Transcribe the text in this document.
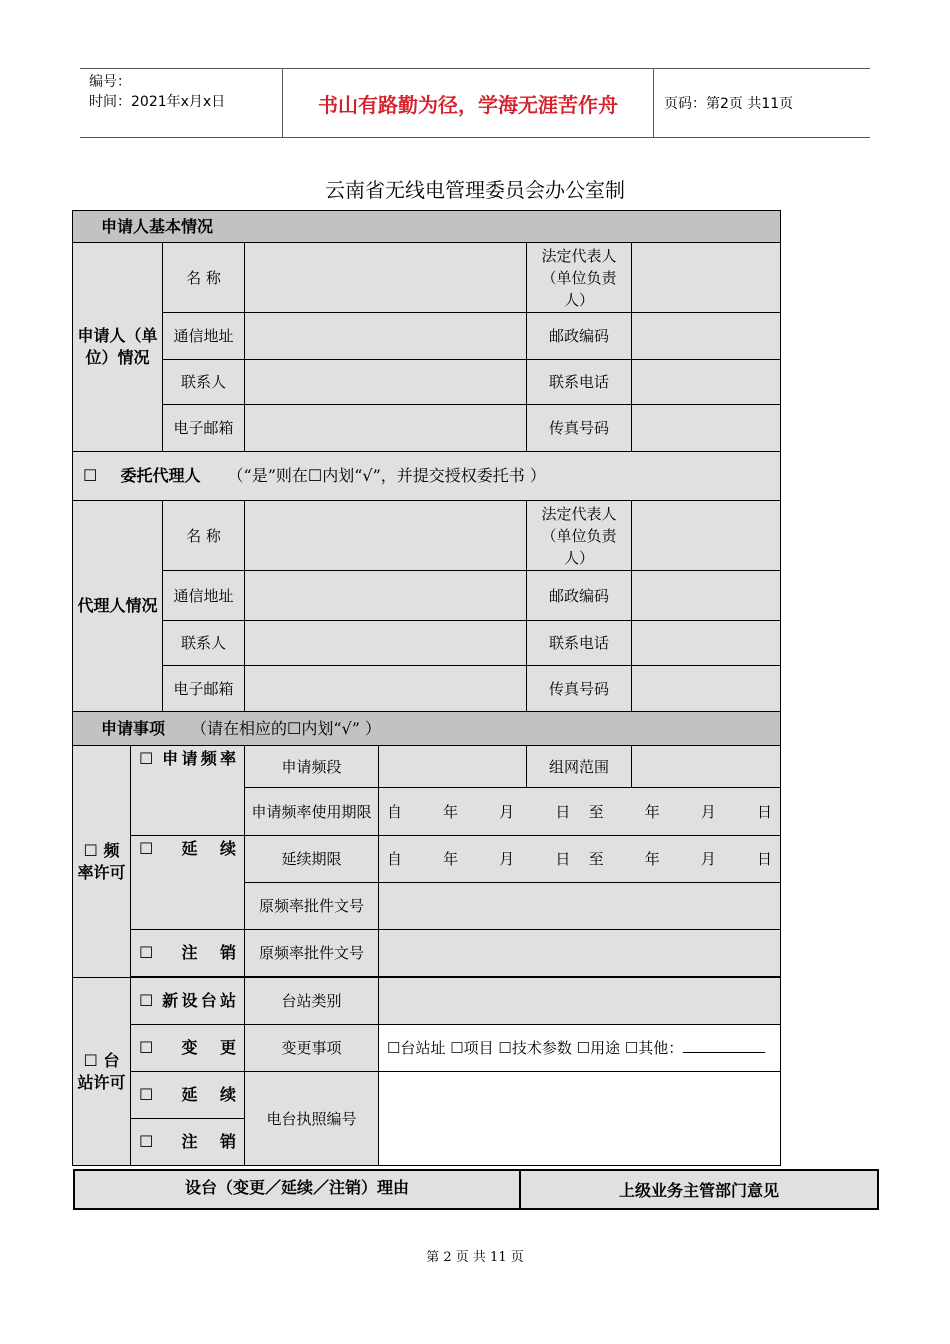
编号：
时间：2021年x月x日	书山有路勤为径，学海无涯苦作舟	页码：第2页 共11页
云南省无线电管理委员会办公室制
申请人基本情况						
申请人（单位）情况		名 称			法定代表人（单位负责人）	
		通信地址			邮政编码	
		联系人			联系电话	
		电子邮箱			传真号码	
☐ 委托代理人 （“是”则在☐内划“√”，并提交授权委托书 ）						
代理人情况		名 称			法定代表人（单位负责人）	
		通信地址			邮政编码	
		联系人			联系电话	
		电子邮箱			传真号码	
申请事项 （请在相应的☐内划“√” ）						
☐ 频率许可	☐ 申请频率		申请频段		组网范围	
			申请频率使用期限	自 年 月 日至 年 月 日		
	☐ 延续		延续期限	自 年 月 日至 年 月 日		
			原频率批件文号			
	☐ 注销		原频率批件文号			

☐ 台站许可	☐ 新设台站		台站类别			
	☐ 变更		变更事项	☐台站址 ☐项目 ☐技术参数 ☐用途 ☐其他：		
	☐ 延续		电台执照编号			
	☐ 注销					
设台（变更／延续／注销）理由	上级业务主管部门意见
第 2 页 共 11 页
